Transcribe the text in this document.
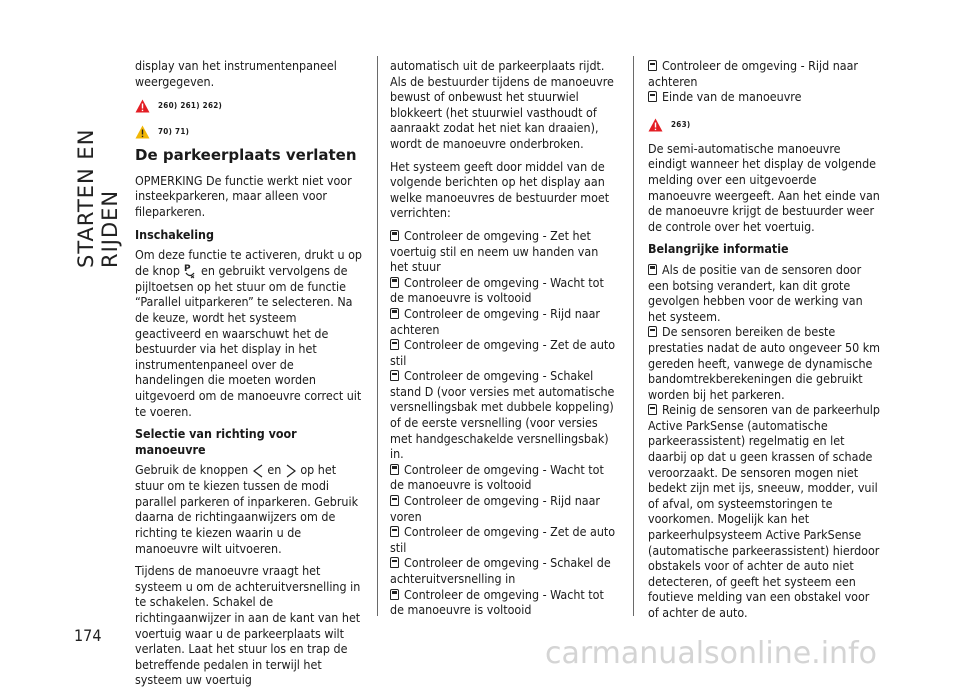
STARTEN EN RIJDEN

display van het instrumentenpaneel weergegeven.

260) 261) 262)
70) 71)
De parkeerplaats verlaten

OPMERKING De functie werkt niet voor insteekparkeren, maar alleen voor fileparkeren.

Inschakeling

Om deze functie te activeren, drukt u op de knop P en gebruikt vervolgens de pijltoetsen op het stuur om de functie “Parallel uitparkeren” te selecteren. Na de keuze, wordt het systeem geactiveerd en waarschuwt het de bestuurder via het display in het instrumentenpaneel over de handelingen die moeten worden uitgevoerd om de manoeuvre correct uit te voeren.

Selectie van richting voor manoeuvre

Gebruik de knoppen en op het stuur om te kiezen tussen de modi parallel parkeren of inparkeren. Gebruik daarna de richtingaanwijzers om de richting te kiezen waarin u de manoeuvre wilt uitvoeren.

Tijdens de manoeuvre vraagt het systeem u om de achteruitversnelling in te schakelen. Schakel de richtingaanwijzer in aan de kant van het voertuig waar u de parkeerplaats wilt verlaten. Laat het stuur los en trap de betreffende pedalen in terwijl het systeem uw voertuig

automatisch uit de parkeerplaats rijdt. Als de bestuurder tijdens de manoeuvre bewust of onbewust het stuurwiel blokkeert (het stuurwiel vasthoudt of aanraakt zodat het niet kan draaien), wordt de manoeuvre onderbroken.

Het systeem geeft door middel van de volgende berichten op het display aan welke manoeuvres de bestuurder moet verrichten:

Controleer de omgeving - Zet het voertuig stil en neem uw handen van het stuur
Controleer de omgeving - Wacht tot de manoeuvre is voltooid
Controleer de omgeving - Rijd naar achteren
Controleer de omgeving - Zet de auto stil
Controleer de omgeving - Schakel stand D (voor versies met automatische versnellingsbak met dubbele koppeling) of de eerste versnelling (voor versies met handgeschakelde versnellingsbak) in.
Controleer de omgeving - Wacht tot de manoeuvre is voltooid
Controleer de omgeving - Rijd naar voren
Controleer de omgeving - Zet de auto stil
Controleer de omgeving - Schakel de achteruitversnelling in
Controleer de omgeving - Wacht tot de manoeuvre is voltooid
Controleer de omgeving - Rijd naar achteren
Einde van de manoeuvre
263)

De semi-automatische manoeuvre eindigt wanneer het display de volgende melding over een uitgevoerde manoeuvre weergeeft. Aan het einde van de manoeuvre krijgt de bestuurder weer de controle over het voertuig.

Belangrijke informatie
Als de positie van de sensoren door een botsing verandert, kan dit grote gevolgen hebben voor de werking van het systeem.
De sensoren bereiken de beste prestaties nadat de auto ongeveer 50 km gereden heeft, vanwege de dynamische bandomtrekberekeningen die gebruikt worden bij het parkeren.
Reinig de sensoren van de parkeerhulp Active ParkSense (automatische parkeerassistent) regelmatig en let daarbij op dat u geen krassen of schade veroorzaakt. De sensoren mogen niet bedekt zijn met ijs, sneeuw, modder, vuil of afval, om systeemstoringen te voorkomen. Mogelijk kan het parkeerhulpsysteem Active ParkSense (automatische parkeerassistent) hierdoor obstakels voor of achter de auto niet detecteren, of geeft het systeem een foutieve melding van een obstakel voor of achter de auto.
174
carmanualsonline.info
